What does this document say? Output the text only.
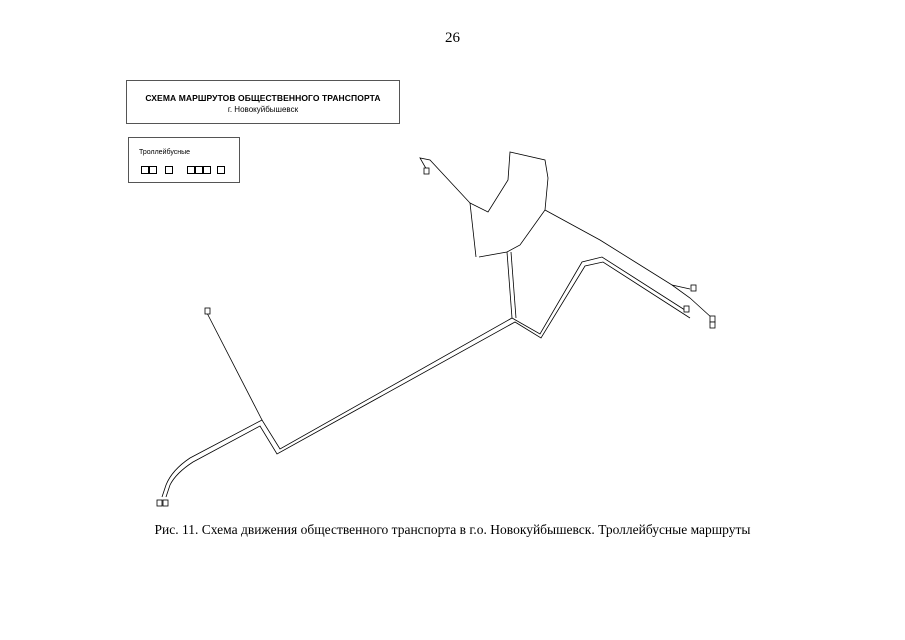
26
СХЕМА МАРШРУТОВ ОБЩЕСТВЕННОГО ТРАНСПОРТА
г. Новокуйбышевск
Троллейбусные
Рис. 11. Схема движения общественного транспорта в г.о. Новокуйбышевск. Троллейбусные маршруты
